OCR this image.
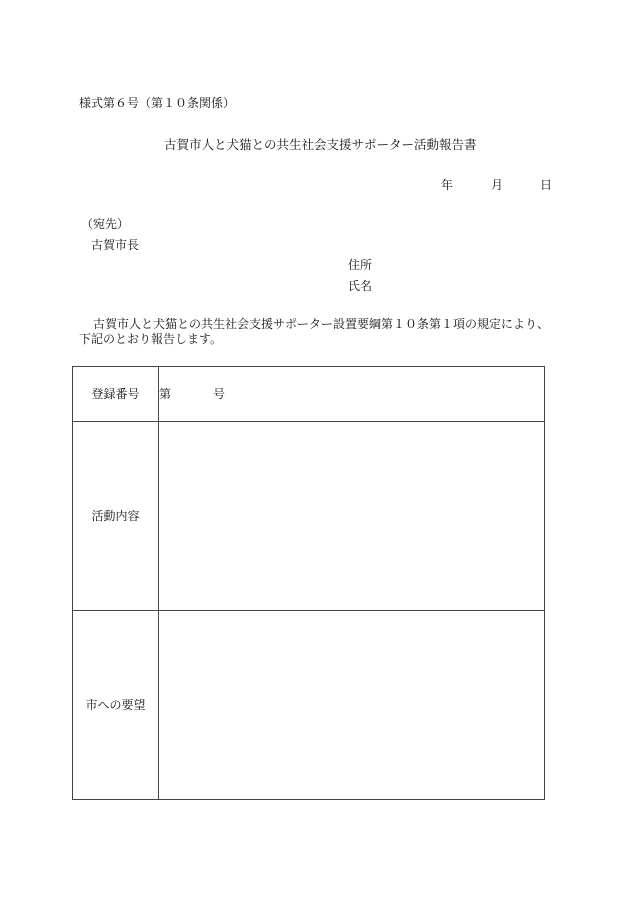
様式第６号（第１０条関係）
古賀市人と犬猫との共生社会支援サポーター活動報告書
年	月	日
（宛先）
古賀市長
住所
氏名
古賀市人と犬猫との共生社会支援サポーター設置要綱第１０条第１項の規定により、
下記のとおり報告します。
登録番号	第 号
活動内容	
市への要望	
